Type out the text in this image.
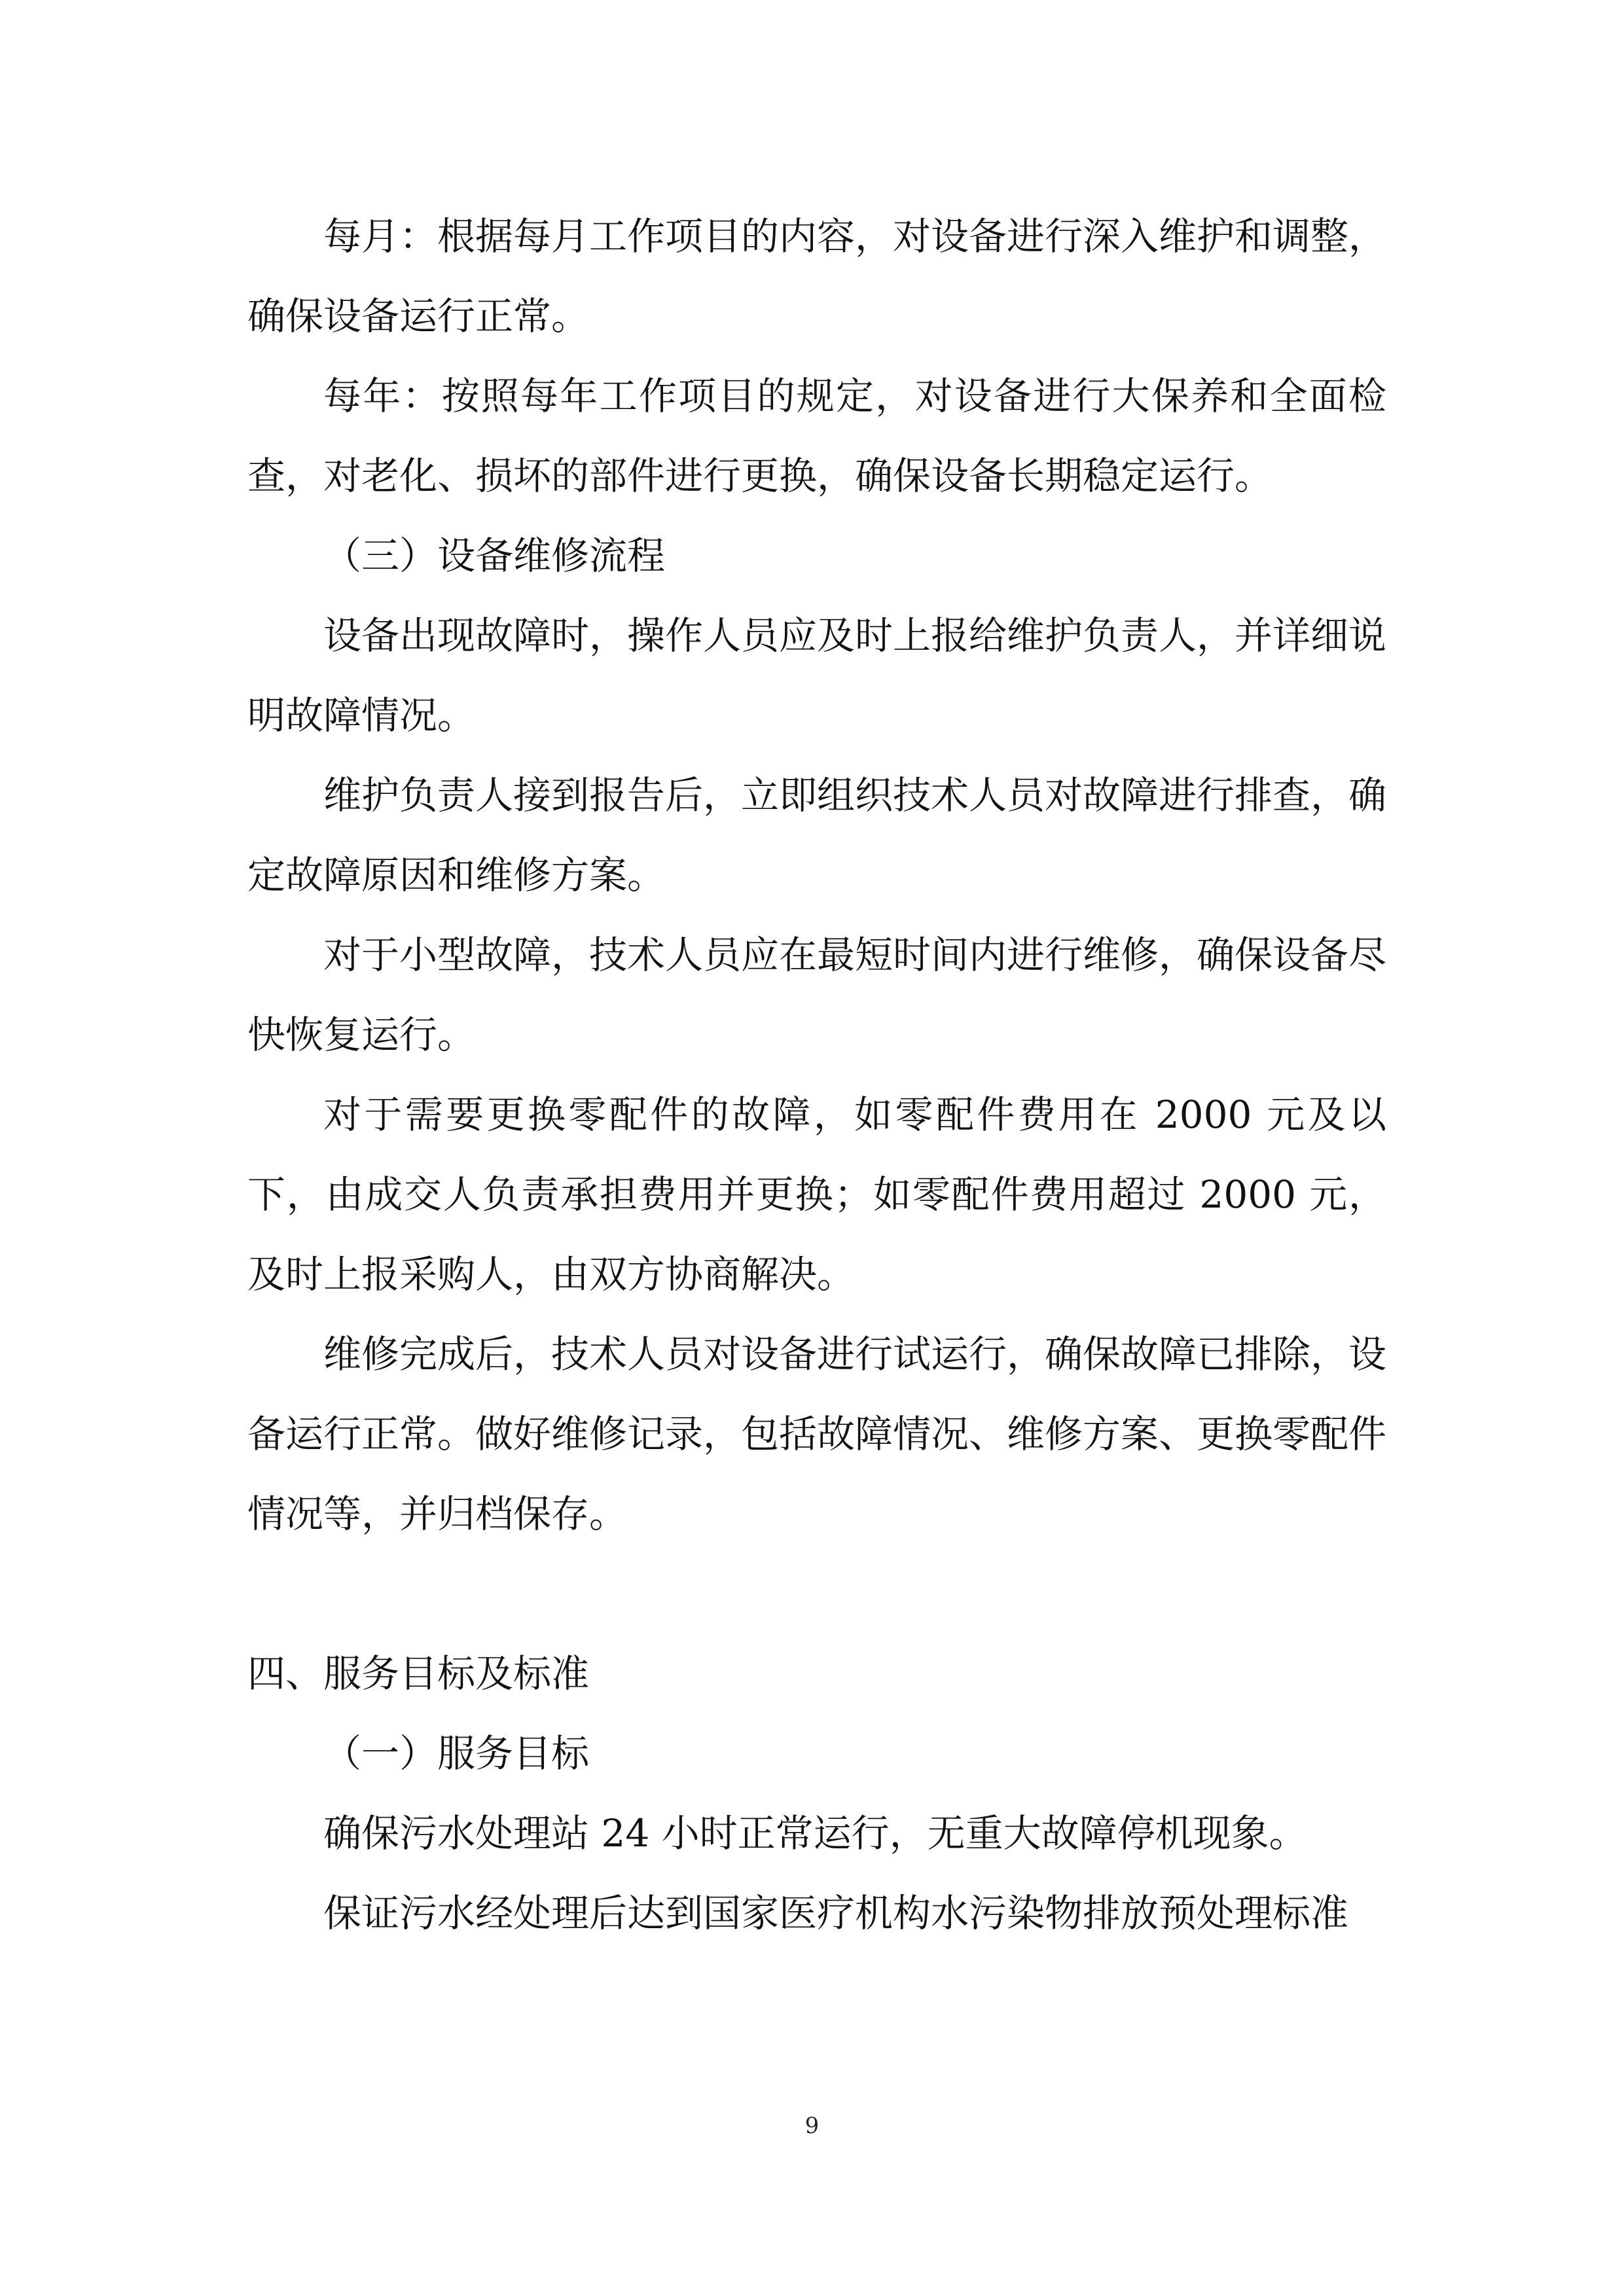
每月：根据每月工作项目的内容，对设备进行深入维护和调整，确保设备运行正常。

每年：按照每年工作项目的规定，对设备进行大保养和全面检查，对老化、损坏的部件进行更换，确保设备长期稳定运行。

（三）设备维修流程

设备出现故障时，操作人员应及时上报给维护负责人，并详细说明故障情况。

维护负责人接到报告后，立即组织技术人员对故障进行排查，确定故障原因和维修方案。

对于小型故障，技术人员应在最短时间内进行维修，确保设备尽快恢复运行。

对于需要更换零配件的故障，如零配件费用在 2000 元及以下，由成交人负责承担费用并更换；如零配件费用超过 2000 元，及时上报采购人，由双方协商解决。

维修完成后，技术人员对设备进行试运行，确保故障已排除，设备运行正常。做好维修记录，包括故障情况、维修方案、更换零配件情况等，并归档保存。

四、服务目标及标准

（一）服务目标

确保污水处理站 24 小时正常运行，无重大故障停机现象。

保证污水经处理后达到国家医疗机构水污染物排放预处理标准

9
